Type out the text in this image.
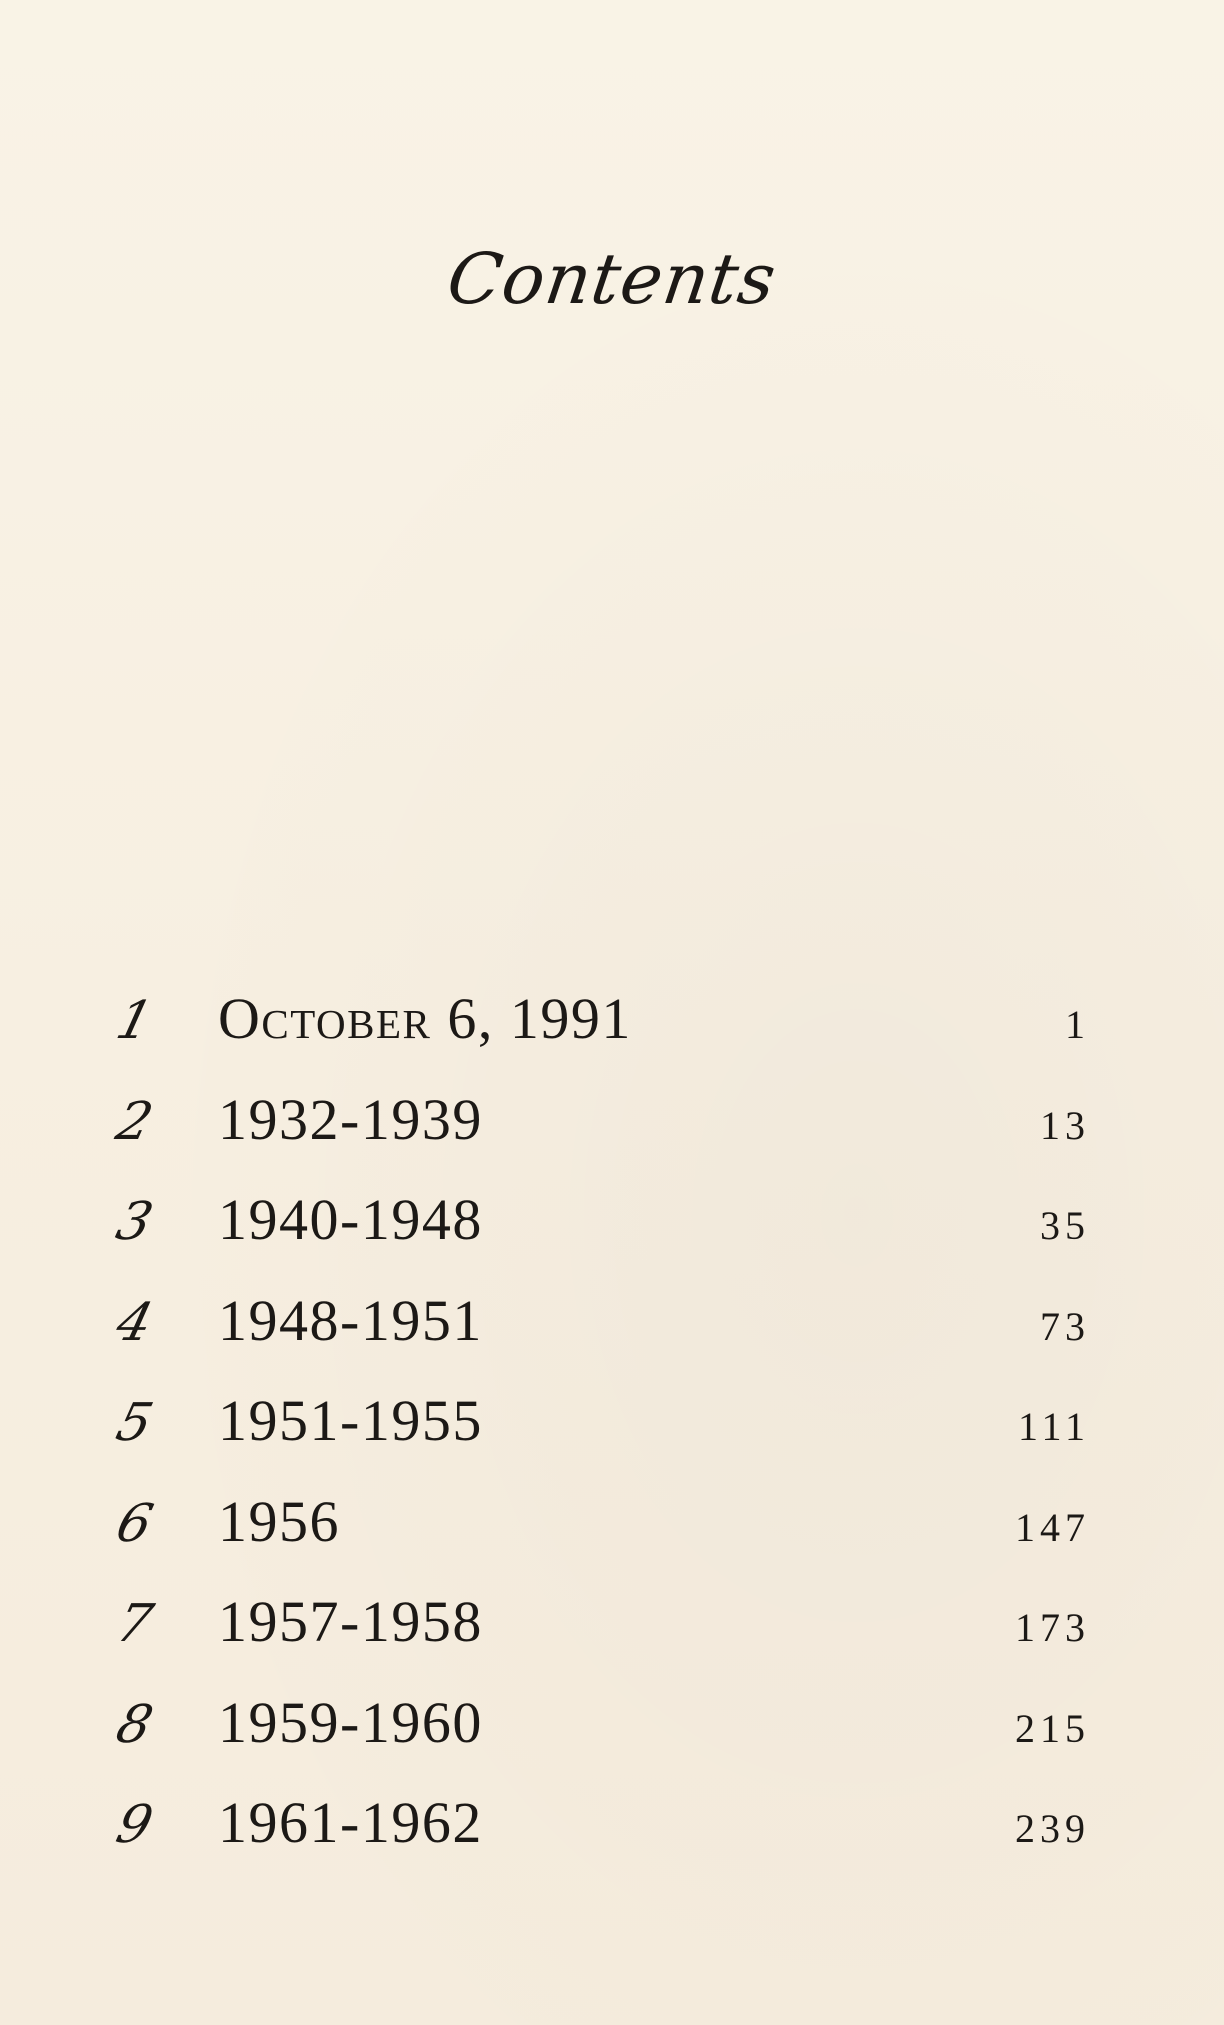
Contents
1	October 6, 1991	1
2	1932-1939	13
3	1940-1948	35
4	1948-1951	73
5	1951-1955	111
6	1956	147
7	1957-1958	173
8	1959-1960	215
9	1961-1962	239
